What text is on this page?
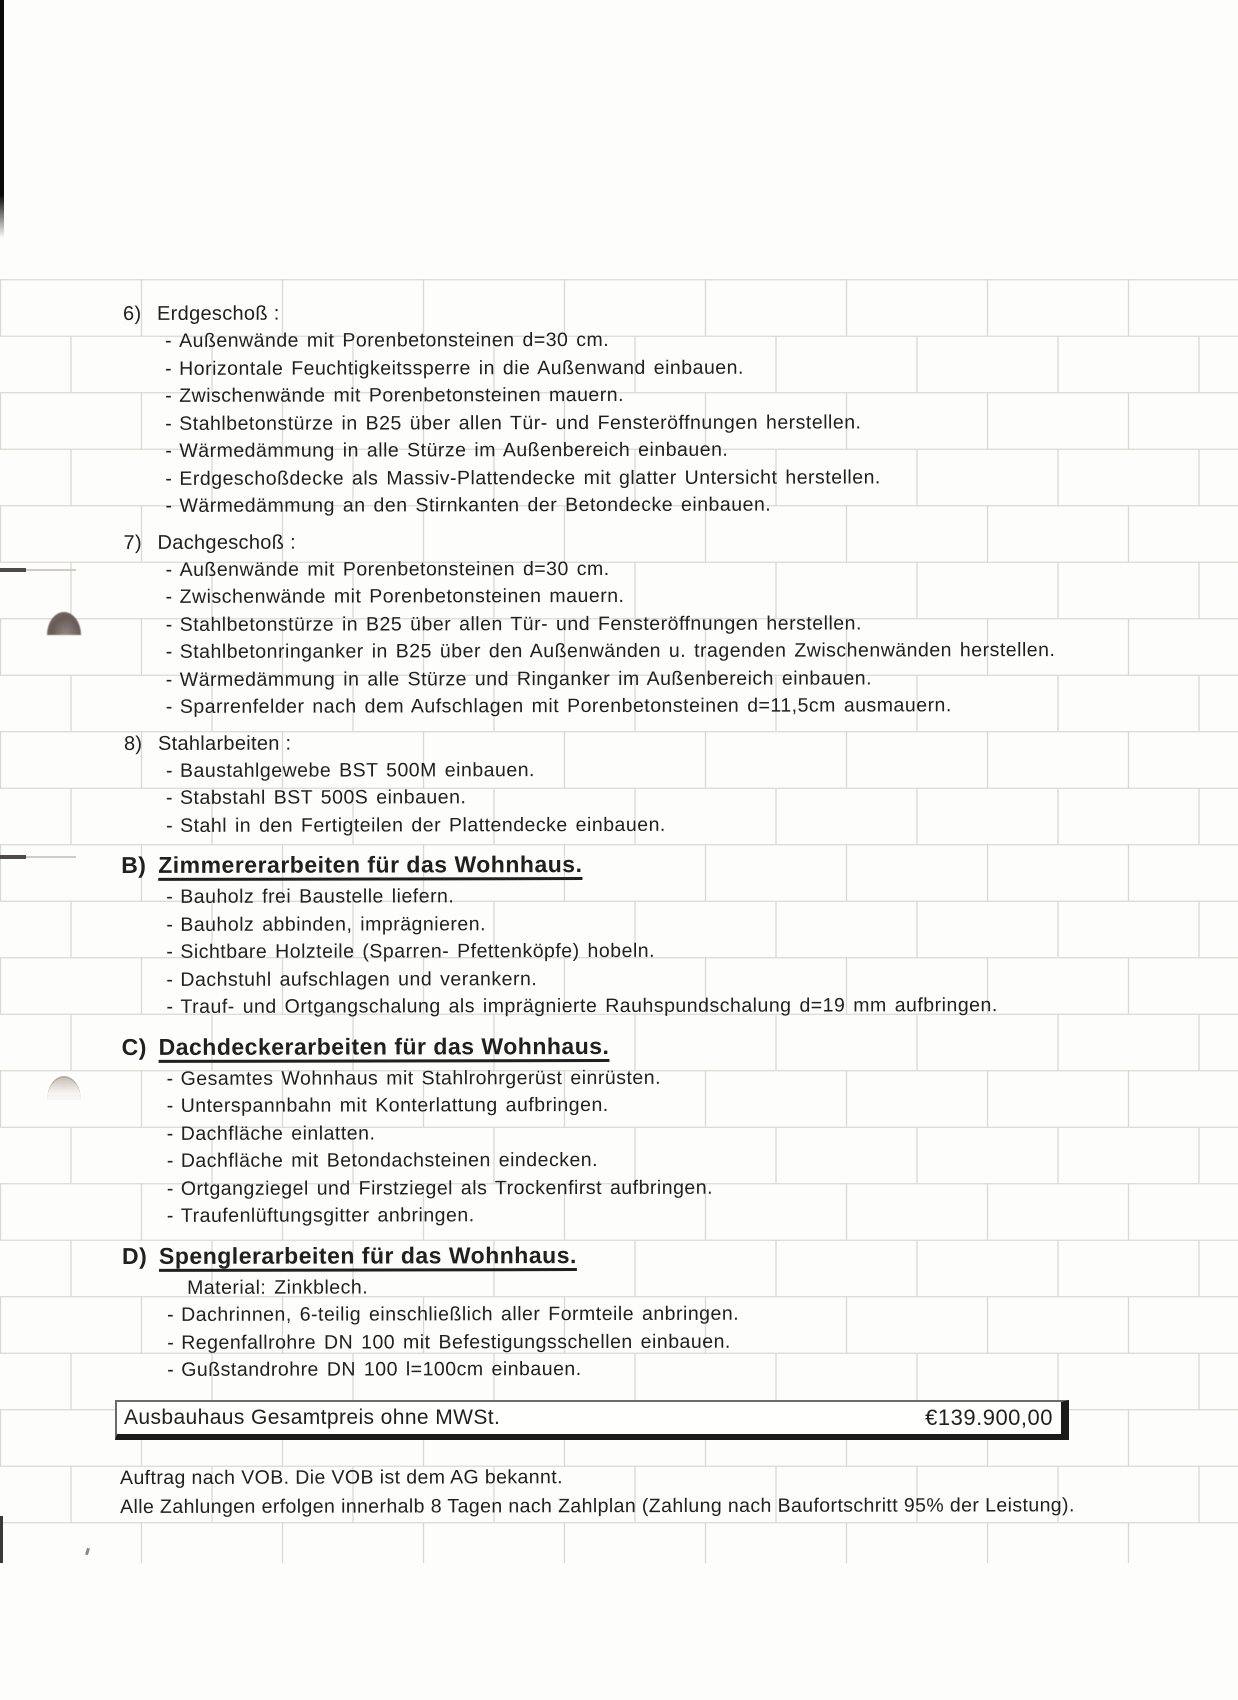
6) Erdgeschoß :
- Außenwände mit Porenbetonsteinen d=30 cm.
- Horizontale Feuchtigkeitssperre in die Außenwand einbauen.
- Zwischenwände mit Porenbetonsteinen mauern.
- Stahlbetonstürze in B25 über allen Tür- und Fensteröffnungen herstellen.
- Wärmedämmung in alle Stürze im Außenbereich einbauen.
- Erdgeschoßdecke als Massiv-Plattendecke mit glatter Untersicht herstellen.
- Wärmedämmung an den Stirnkanten der Betondecke einbauen.
7) Dachgeschoß :
- Außenwände mit Porenbetonsteinen d=30 cm.
- Zwischenwände mit Porenbetonsteinen mauern.
- Stahlbetonstürze in B25 über allen Tür- und Fensteröffnungen herstellen.
- Stahlbetonringanker in B25 über den Außenwänden u. tragenden Zwischenwänden herstellen.
- Wärmedämmung in alle Stürze und Ringanker im Außenbereich einbauen.
- Sparrenfelder nach dem Aufschlagen mit Porenbetonsteinen d=11,5cm ausmauern.
8) Stahlarbeiten :
- Baustahlgewebe BST 500M einbauen.
- Stabstahl BST 500S einbauen.
- Stahl in den Fertigteilen der Plattendecke einbauen.
B) Zimmererarbeiten für das Wohnhaus.
- Bauholz frei Baustelle liefern.
- Bauholz abbinden, imprägnieren.
- Sichtbare Holzteile (Sparren- Pfettenköpfe) hobeln.
- Dachstuhl aufschlagen und verankern.
- Trauf- und Ortgangschalung als imprägnierte Rauhspundschalung d=19 mm aufbringen.
C) Dachdeckerarbeiten für das Wohnhaus.
- Gesamtes Wohnhaus mit Stahlrohrgerüst einrüsten.
- Unterspannbahn mit Konterlattung aufbringen.
- Dachfläche einlatten.
- Dachfläche mit Betondachsteinen eindecken.
- Ortgangziegel und Firstziegel als Trockenfirst aufbringen.
- Traufenlüftungsgitter anbringen.
D) Spenglerarbeiten für das Wohnhaus.
Material: Zinkblech.
- Dachrinnen, 6-teilig einschließlich aller Formteile anbringen.
- Regenfallrohre DN 100 mit Befestigungsschellen einbauen.
- Gußstandrohre DN 100 l=100cm einbauen.
Ausbauhaus Gesamtpreis ohne MWSt.	€139.900,00
Auftrag nach VOB. Die VOB ist dem AG bekannt.
Alle Zahlungen erfolgen innerhalb 8 Tagen nach Zahlplan (Zahlung nach Baufortschritt 95% der Leistung).
